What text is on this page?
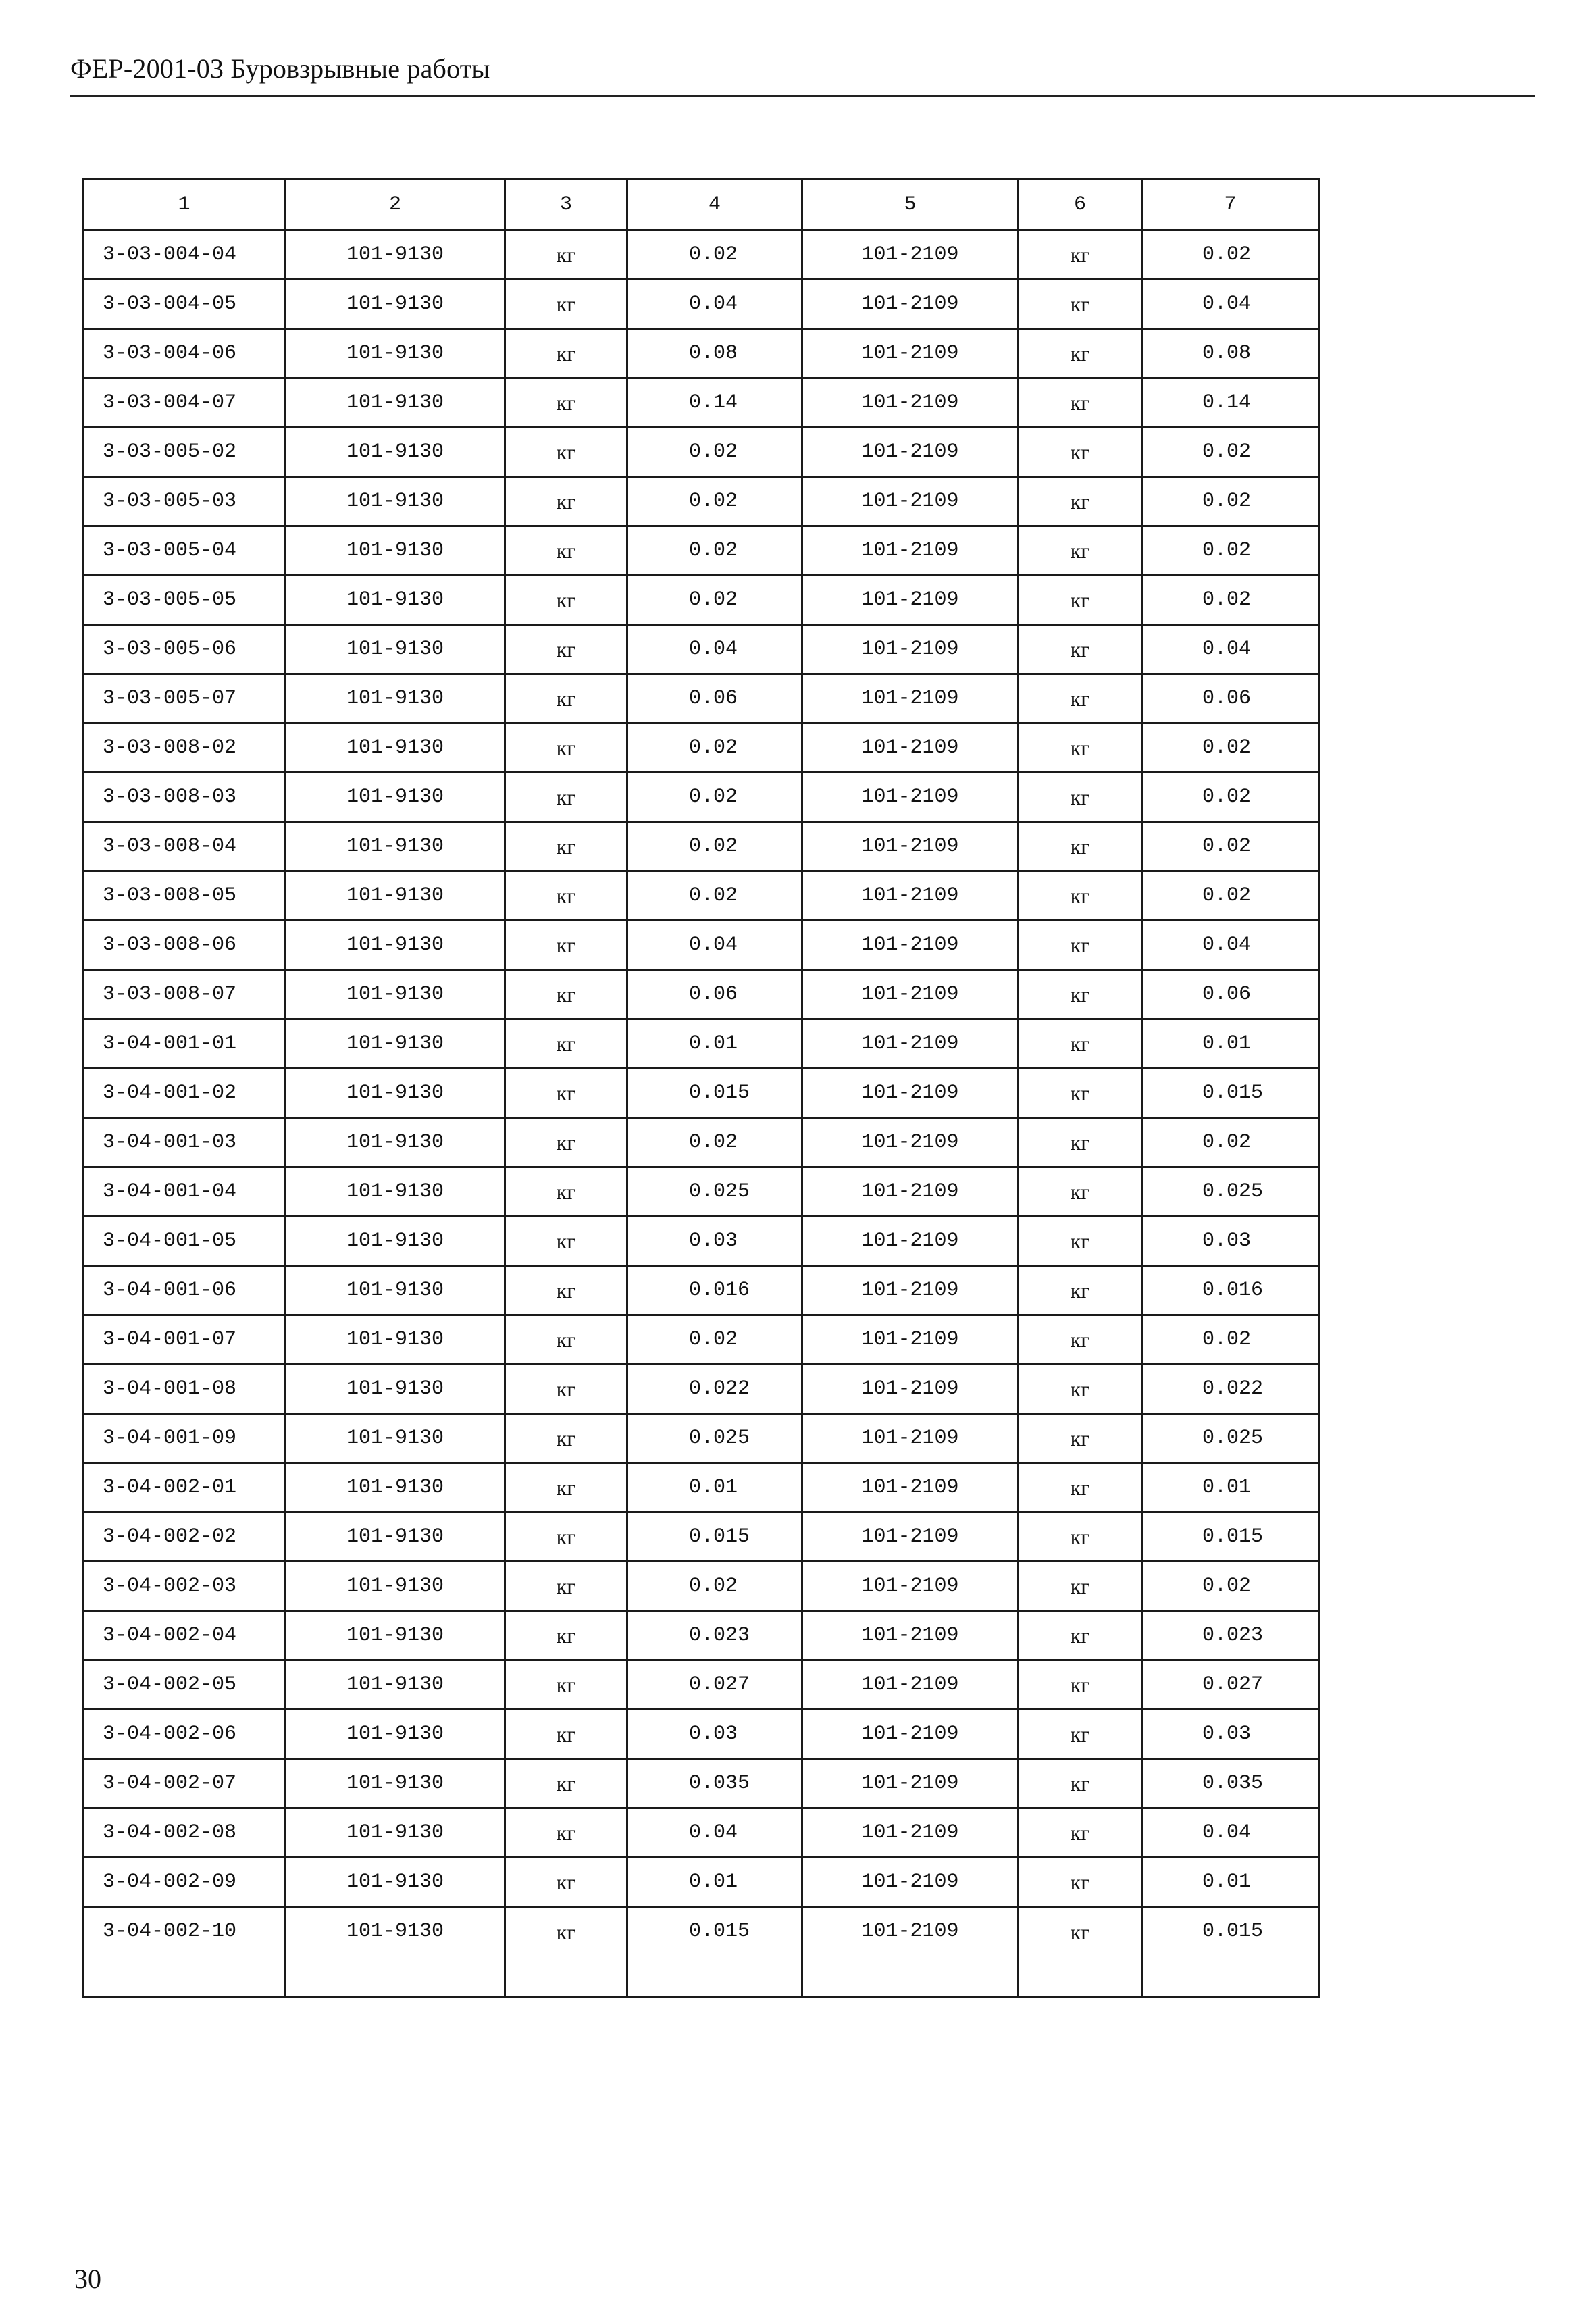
ФЕР-2001-03 Буровзрывные работы
1	2	3	4	5	6	7
3-03-004-04	101-9130	кг	0.02	101-2109	кг	0.02
3-03-004-05	101-9130	кг	0.04	101-2109	кг	0.04
3-03-004-06	101-9130	кг	0.08	101-2109	кг	0.08
3-03-004-07	101-9130	кг	0.14	101-2109	кг	0.14
3-03-005-02	101-9130	кг	0.02	101-2109	кг	0.02
3-03-005-03	101-9130	кг	0.02	101-2109	кг	0.02
3-03-005-04	101-9130	кг	0.02	101-2109	кг	0.02
3-03-005-05	101-9130	кг	0.02	101-2109	кг	0.02
3-03-005-06	101-9130	кг	0.04	101-2109	кг	0.04
3-03-005-07	101-9130	кг	0.06	101-2109	кг	0.06
3-03-008-02	101-9130	кг	0.02	101-2109	кг	0.02
3-03-008-03	101-9130	кг	0.02	101-2109	кг	0.02
3-03-008-04	101-9130	кг	0.02	101-2109	кг	0.02
3-03-008-05	101-9130	кг	0.02	101-2109	кг	0.02
3-03-008-06	101-9130	кг	0.04	101-2109	кг	0.04
3-03-008-07	101-9130	кг	0.06	101-2109	кг	0.06
3-04-001-01	101-9130	кг	0.01	101-2109	кг	0.01
3-04-001-02	101-9130	кг	0.015	101-2109	кг	0.015
3-04-001-03	101-9130	кг	0.02	101-2109	кг	0.02
3-04-001-04	101-9130	кг	0.025	101-2109	кг	0.025
3-04-001-05	101-9130	кг	0.03	101-2109	кг	0.03
3-04-001-06	101-9130	кг	0.016	101-2109	кг	0.016
3-04-001-07	101-9130	кг	0.02	101-2109	кг	0.02
3-04-001-08	101-9130	кг	0.022	101-2109	кг	0.022
3-04-001-09	101-9130	кг	0.025	101-2109	кг	0.025
3-04-002-01	101-9130	кг	0.01	101-2109	кг	0.01
3-04-002-02	101-9130	кг	0.015	101-2109	кг	0.015
3-04-002-03	101-9130	кг	0.02	101-2109	кг	0.02
3-04-002-04	101-9130	кг	0.023	101-2109	кг	0.023
3-04-002-05	101-9130	кг	0.027	101-2109	кг	0.027
3-04-002-06	101-9130	кг	0.03	101-2109	кг	0.03
3-04-002-07	101-9130	кг	0.035	101-2109	кг	0.035
3-04-002-08	101-9130	кг	0.04	101-2109	кг	0.04
3-04-002-09	101-9130	кг	0.01	101-2109	кг	0.01
3-04-002-10	101-9130	кг	0.015	101-2109	кг	0.015
30
